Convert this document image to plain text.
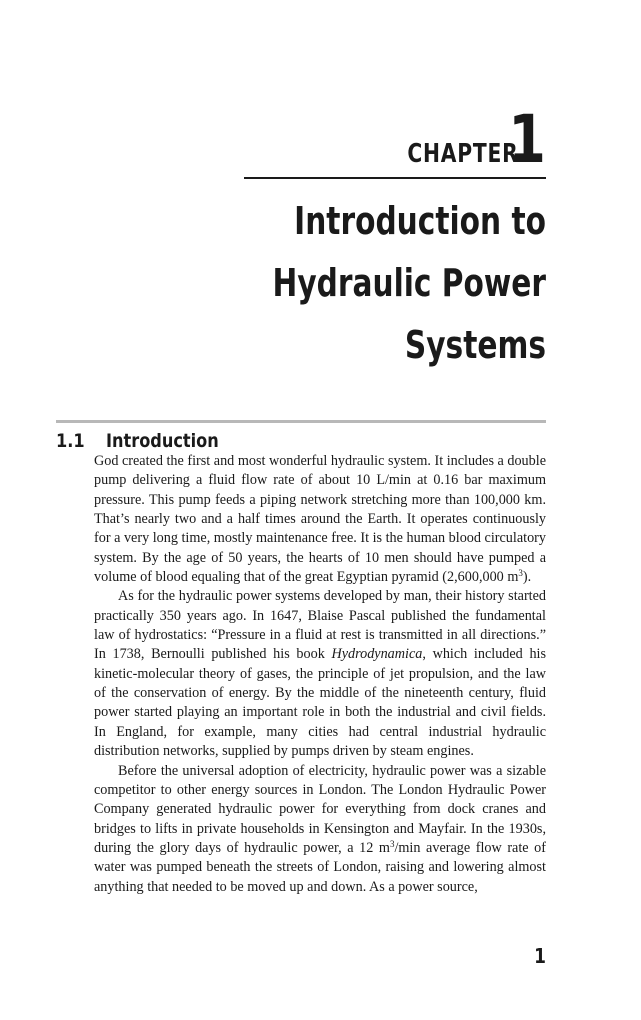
CHAPTER
1
Introduction to
Hydraulic Power
Systems
1.1 Introduction

God created the first and most wonderful hydraulic system. It includes a double pump delivering a fluid flow rate of about 10 L/min at 0.16 bar maximum pressure. This pump feeds a piping network stretching more than 100,000 km. That’s nearly two and a half times around the Earth. It operates continuously for a very long time, mostly maintenance free. It is the human blood circulatory system. By the age of 50 years, the hearts of 10 men should have pumped a volume of blood equaling that of the great Egyptian pyramid (2,600,000 $m^3$).

As for the hydraulic power systems developed by man, their history started practically 350 years ago. In 1647, Blaise Pascal published the fundamental law of hydrostatics: “Pressure in a fluid at rest is transmitted in all directions.” In 1738, Bernoulli published his book Hydrodynamica, which included his kinetic-molecular theory of gases, the principle of jet propulsion, and the law of the conservation of energy. By the middle of the nineteenth century, fluid power started playing an important role in both the industrial and civil fields. In England, for example, many cities had central industrial hydraulic distribution networks, supplied by pumps driven by steam engines.

Before the universal adoption of electricity, hydraulic power was a sizable competitor to other energy sources in London. The London Hydraulic Power Company generated hydraulic power for everything from dock cranes and bridges to lifts in private households in Kensington and Mayfair. In the 1930s, during the glory days of hydraulic power, a 12 $m^3/\min$ average flow rate of water was pumped beneath the streets of London, raising and lowering almost anything that needed to be moved up and down. As a power source,

1
